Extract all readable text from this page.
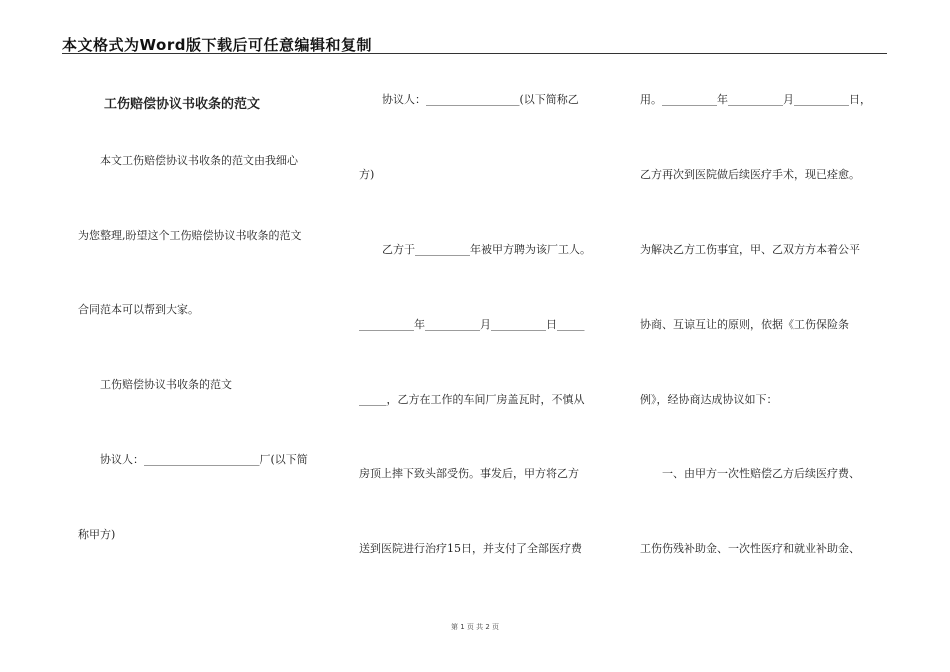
本文格式为Word版下载后可任意编辑和复制
工伤赔偿协议书收条的范文
本文工伤赔偿协议书收条的范文由我细心
为您整理,盼望这个工伤赔偿协议书收条的范文
合同范本可以帮到大家。
工伤赔偿协议书收条的范文
协议人：_____________________厂(以下简
称甲方)
协议人：_________________(以下简称乙
方)
乙方于__________年被甲方聘为该厂工人。
__________年__________月__________日_____
_____，乙方在工作的车间厂房盖瓦时，不慎从
房顶上摔下致头部受伤。事发后，甲方将乙方
送到医院进行治疗15日，并支付了全部医疗费
用。__________年__________月__________日，
乙方再次到医院做后续医疗手术，现已痊愈。
为解决乙方工伤事宜，甲、乙双方方本着公平
协商、互谅互让的原则，依据《工伤保险条
例》，经协商达成协议如下：
一、由甲方一次性赔偿乙方后续医疗费、
工伤伤残补助金、一次性医疗和就业补助金、
第 1 页 共 2 页
